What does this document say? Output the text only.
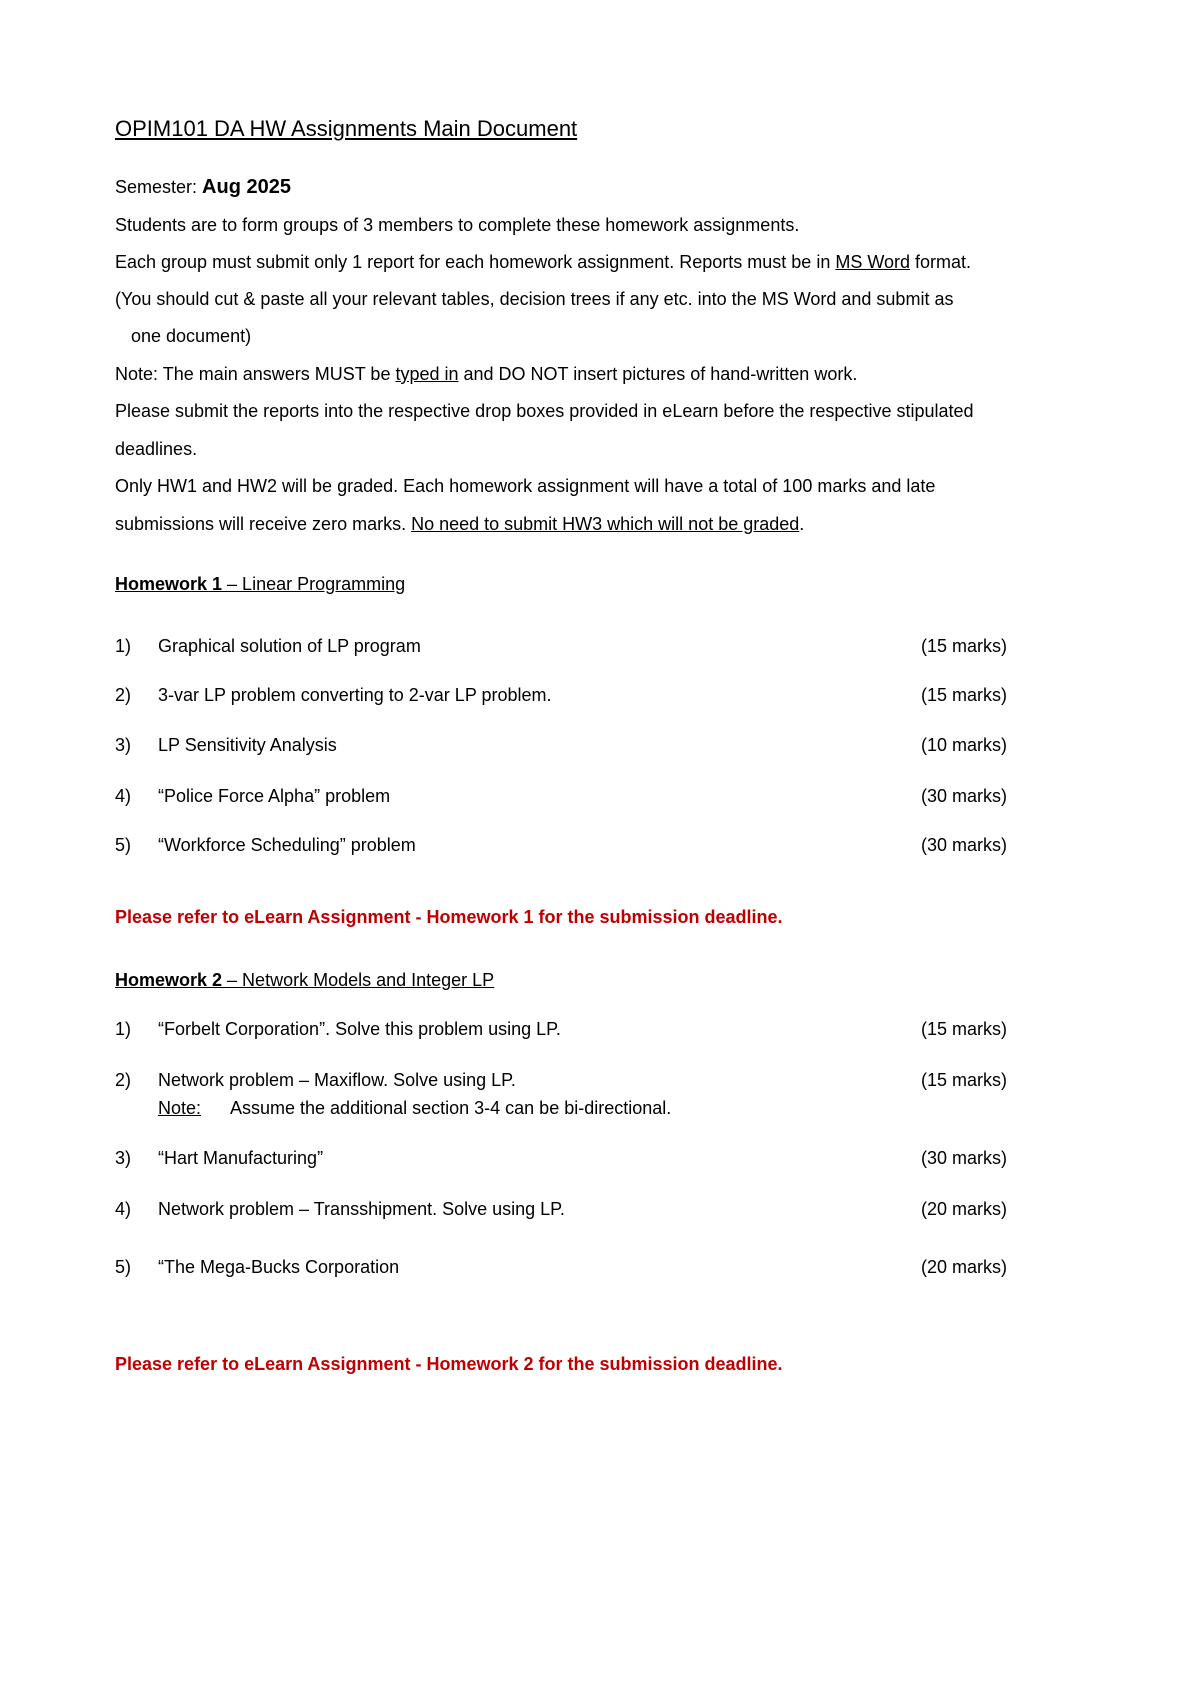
OPIM101 DA HW Assignments Main Document
Semester: Aug 2025
Students are to form groups of 3 members to complete these homework assignments.
Each group must submit only 1 report for each homework assignment. Reports must be in MS Word format.
(You should cut & paste all your relevant tables, decision trees if any etc. into the MS Word and submit as
one document)
Note: The main answers MUST be typed in and DO NOT insert pictures of hand-written work.
Please submit the reports into the respective drop boxes provided in eLearn before the respective stipulated
deadlines.
Only HW1 and HW2 will be graded. Each homework assignment will have a total of 100 marks and late
submissions will receive zero marks. No need to submit HW3 which will not be graded.
Homework 1 – Linear Programming
1) Graphical solution of LP program	(15 marks)
2) 3-var LP problem converting to 2-var LP problem.	(15 marks)
3) LP Sensitivity Analysis	(10 marks)
4) “Police Force Alpha” problem	(30 marks)
5) “Workforce Scheduling” problem	(30 marks)
Please refer to eLearn Assignment - Homework 1 for the submission deadline.
Homework 2 – Network Models and Integer LP
1) “Forbelt Corporation”. Solve this problem using LP.	(15 marks)
2) Network problem – Maxiflow. Solve using LP.	(15 marks)
Note: Assume the additional section 3-4 can be bi-directional.
3) “Hart Manufacturing”	(30 marks)
4) Network problem – Transshipment. Solve using LP.	(20 marks)
5) “The Mega-Bucks Corporation	(20 marks)
Please refer to eLearn Assignment - Homework 2 for the submission deadline.
